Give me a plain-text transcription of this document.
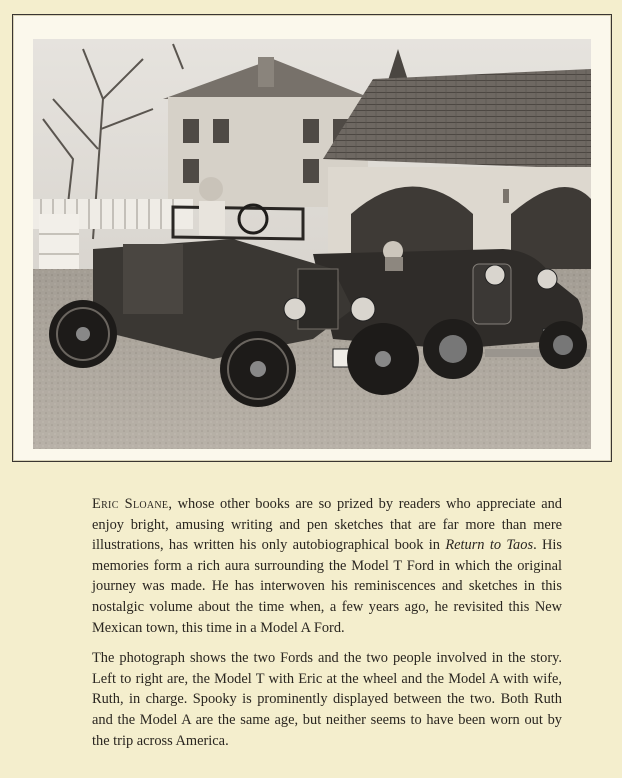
Eric Sloane, whose other books are so prized by readers who appreciate and enjoy bright, amusing writing and pen sketches that are far more than mere illustrations, has written his only autobiographical book in Return to Taos. His memories form a rich aura surrounding the Model T Ford in which the original journey was made. He has interwoven his reminiscences and sketches in this nostalgic volume about the time when, a few years ago, he revisited this New Mexican town, this time in a Model A Ford.

The photograph shows the two Fords and the two people involved in the story. Left to right are, the Model T with Eric at the wheel and the Model A with wife, Ruth, in charge. Spooky is prominently displayed between the two. Both Ruth and the Model A are the same age, but neither seems to have been worn out by the trip across America.
